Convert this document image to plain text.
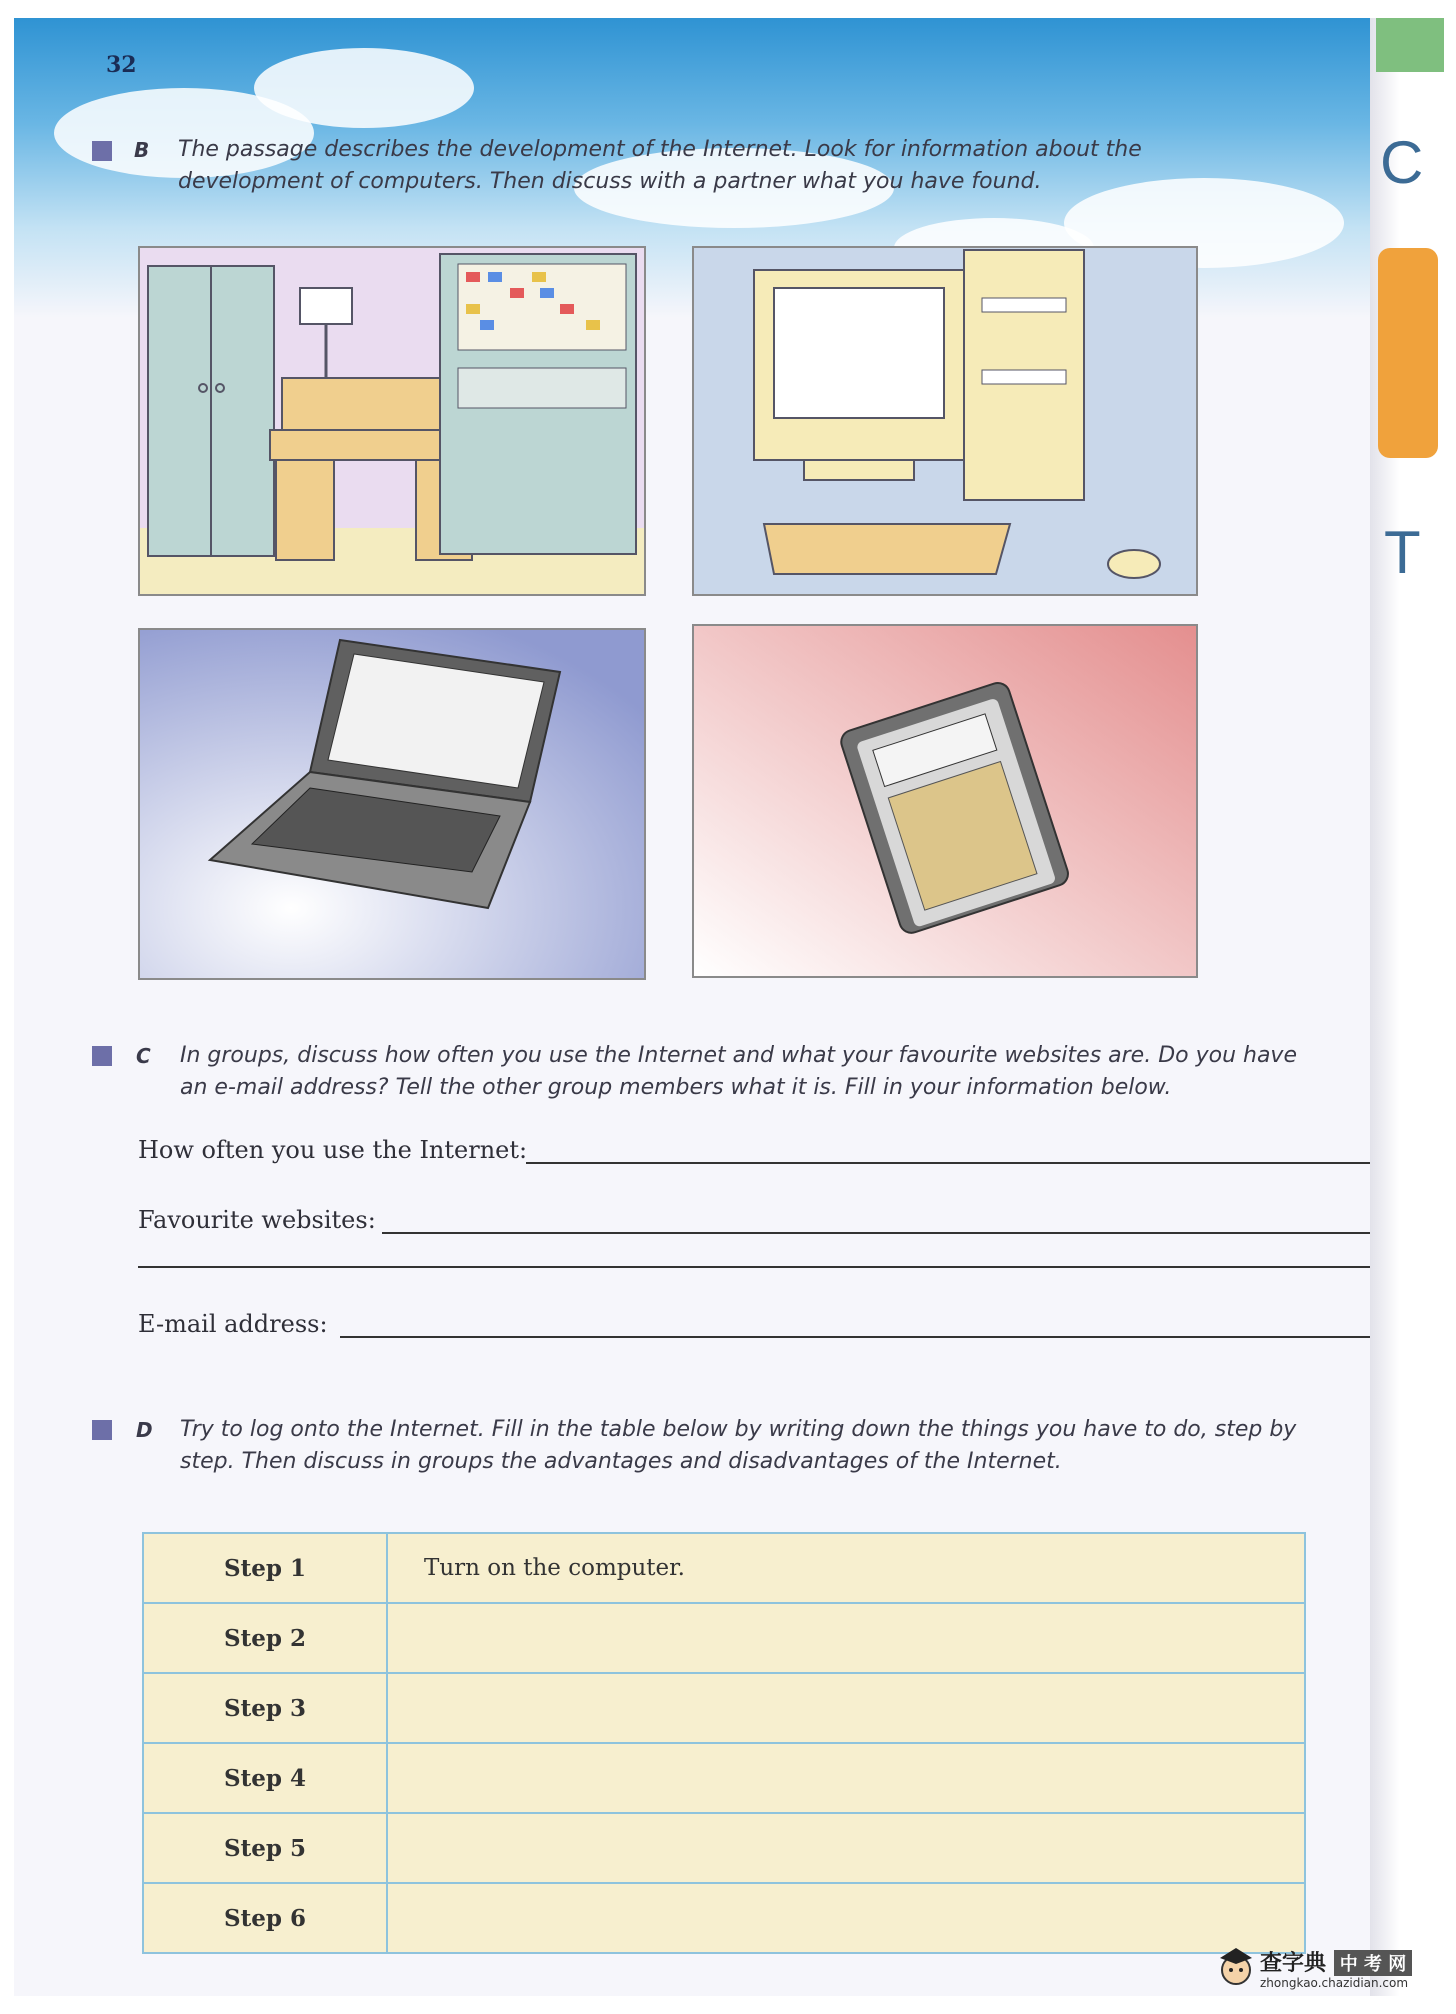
32
B The passage describes the development of the Internet. Look for information about the
development of computers. Then discuss with a partner what you have found.
C In groups, discuss how often you use the Internet and what your favourite websites are. Do you have
an e-mail address? Tell the other group members what it is. Fill in your information below.
How often you use the Internet:
Favourite websites:
E-mail address:
D Try to log onto the Internet. Fill in the table below by writing down the things you have to do, step by
step. Then discuss in groups the advantages and disadvantages of the Internet.
Step 1	Turn on the computer.
Step 2	
Step 3	
Step 4	
Step 5	
Step 6	
C
T
查字典 中 考 网
zhongkao.chazidian.com
